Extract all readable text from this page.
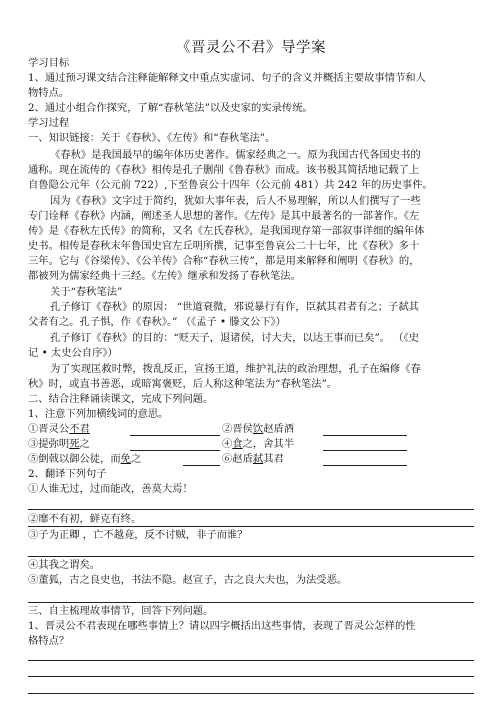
《晋灵公不君》导学案
学习目标
1、通过预习课文结合注释能解释文中重点实虚词、句子的含义并概括主要故事情节和人
物特点。
2、通过小组合作探究，了解“春秋笔法”以及史家的实录传统。
学习过程
一、知识链接：关于《春秋》、《左传》和“春秋笔法”。
《春秋》是我国最早的编年体历史著作。儒家经典之一。原为我国古代各国史书的
通称。现在流传的《春秋》相传是孔子删削《鲁春秋》而成。该书极其简括地记载了上
自鲁隐公元年（公元前 722）,下至鲁哀公十四年（公元前 481）共 242 年的历史事件。
因为《春秋》文字过于简约，犹如大事年表，后人不易理解，所以人们撰写了一些
专门诠释《春秋》内涵，阐述圣人思想的著作。《左传》是其中最著名的一部著作。《左
传》是《春秋左氏传》的简称，又名《左氏春秋》，是我国现存第一部叙事详细的编年体
史书。相传是春秋末年鲁国史官左丘明所撰，记事至鲁哀公二十七年，比《春秋》多十
三年。它与《谷梁传》、《公羊传》合称“春秋三传”，都是用来解释和阐明《春秋》的，
都被列为儒家经典十三经。《左传》继承和发扬了春秋笔法。
关于“春秋笔法”
孔子修订《春秋》的原因： “世道衰微，邪说暴行有作，臣弑其君者有之；子弑其
父者有之。孔子惧，作《春秋》。” （《孟子 • 滕文公下》）
孔子修订《春秋》的目的：“贬天子，退诸侯，讨大夫，以达王事而已矣”。 （《史
记 • 太史公自序》）
为了实现匡救时弊，拨乱反正，宣扬王道，维护礼法的政治理想，孔子在编修《春
秋》时，或直书善恶，或暗寓褒贬，后人称这种笔法为“春秋笔法”。
二、结合注释诵读课文，完成下列问题。
1、注意下列加横线词的意思。
①晋灵公不君	②晋侯饮赵盾酒
③提弥明死之	④食之，舍其半
⑤倒戟以御公徒，而免之	⑥赵盾弑其君
2、翻译下列句子
①人谁无过，过而能改，善莫大焉！
②靡不有初，鲜克有终。
③子为正卿 ，亡不越竟，反不讨贼，非子而谁？
④其我之谓矣。
⑤董狐，古之良史也，书法不隐。赵宣子，古之良大夫也，为法受恶。
三、自主梳理故事情节，回答下列问题。
1、晋灵公不君表现在哪些事情上？请以四字概括出这些事情，表现了晋灵公怎样的性
格特点？
